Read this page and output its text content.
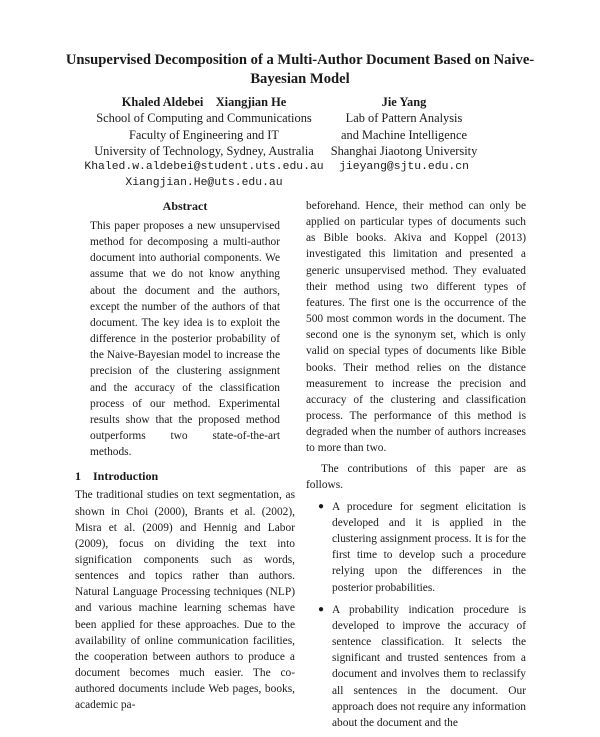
Unsupervised Decomposition of a Multi-Author Document Based on Naive-Bayesian Model
Khaled Aldebei    Xiangjian He
School of Computing and Communications
Faculty of Engineering and IT
University of Technology, Sydney, Australia
Khaled.w.aldebei@student.uts.edu.au
Xiangjian.He@uts.edu.au
Jie Yang
Lab of Pattern Analysis
and Machine Intelligence
Shanghai Jiaotong University
jieyang@sjtu.edu.cn
Abstract

This paper proposes a new unsupervised method for decomposing a multi-author document into authorial components. We assume that we do not know anything about the document and the authors, except the number of the authors of that document. The key idea is to exploit the difference in the posterior probability of the Naive-Bayesian model to increase the precision of the clustering assignment and the accuracy of the classification process of our method. Experimental results show that the proposed method outperforms two state-of-the-art methods.

1 Introduction

The traditional studies on text segmentation, as shown in Choi (2000), Brants et al. (2002), Misra et al. (2009) and Hennig and Labor (2009), focus on dividing the text into signification components such as words, sentences and topics rather than authors. Natural Language Processing techniques (NLP) and various machine learning schemas have been applied for these approaches. Due to the availability of online communication facilities, the cooperation between authors to produce a document becomes much easier. The co-authored documents include Web pages, books, academic pa-

beforehand. Hence, their method can only be applied on particular types of documents such as Bible books. Akiva and Koppel (2013) investigated this limitation and presented a generic unsupervised method. They evaluated their method using two different types of features. The first one is the occurrence of the 500 most common words in the document. The second one is the synonym set, which is only valid on special types of documents like Bible books. Their method relies on the distance measurement to increase the precision and accuracy of the clustering and classification process. The performance of this method is degraded when the number of authors increases to more than two.

The contributions of this paper are as follows.

● A procedure for segment elicitation is developed and it is applied in the clustering assignment process. It is for the first time to develop such a procedure relying upon the differences in the posterior probabilities.
● A probability indication procedure is developed to improve the accuracy of sentence classification. It selects the significant and trusted sentences from a document and involves them to reclassify all sentences in the document. Our approach does not require any information about the document and the
